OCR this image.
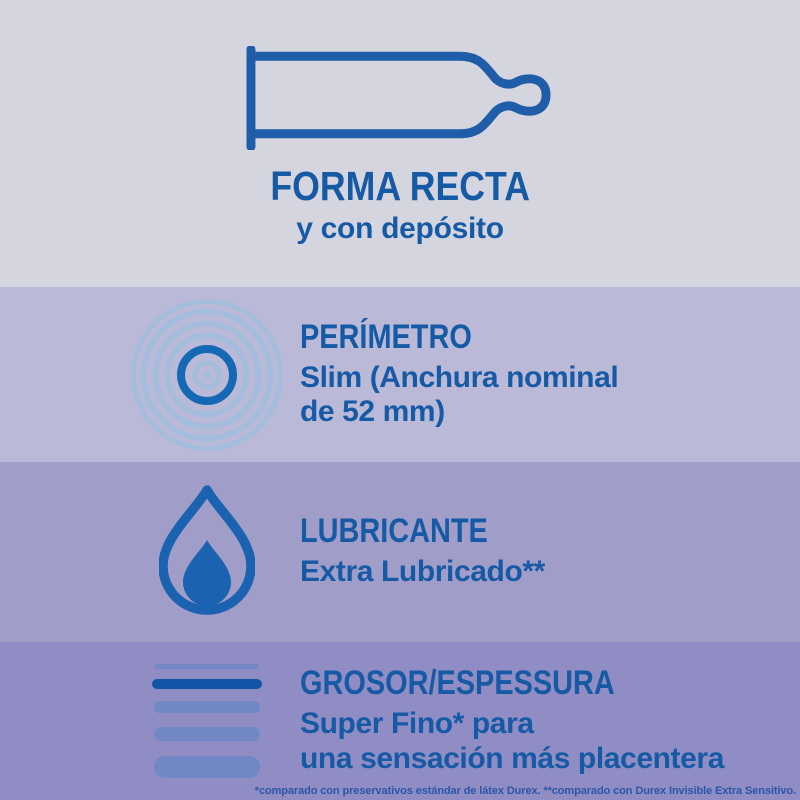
FORMA RECTA
y con depósito
PERÍMETRO

Slim (Anchura nominal

de 52 mm)

LUBRICANTE

Extra Lubricado**

GROSOR/ESPESSURA

Super Fino* para

una sensación más placentera

*comparado con preservativos estándar de látex Durex. **comparado con Durex Invisible Extra Sensitivo.
